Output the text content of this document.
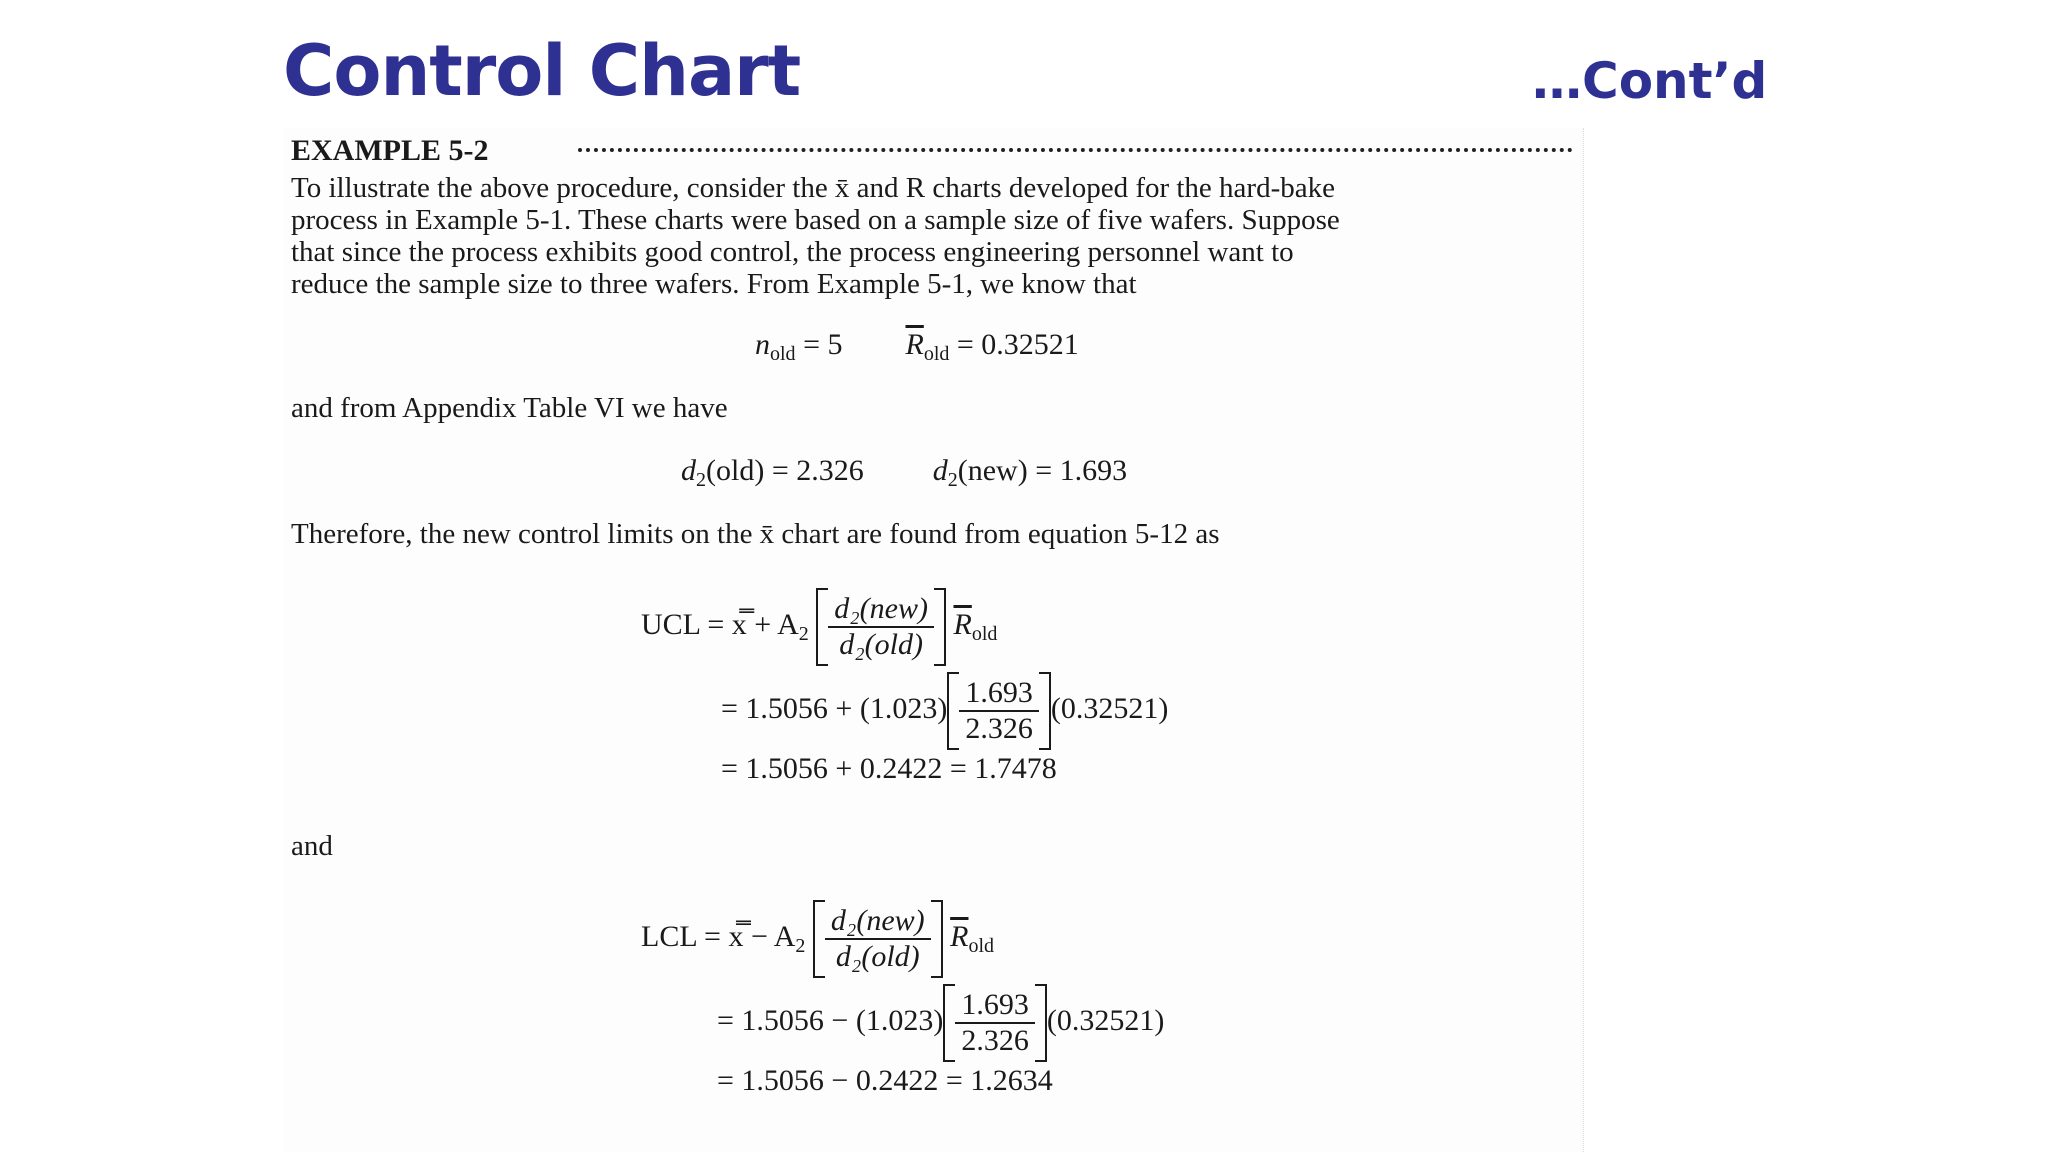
Control Chart	…Cont’d
EXAMPLE 5-2
To illustrate the above procedure, consider the x̄ and R charts developed for the hard-bake
process in Example 5-1. These charts were based on a sample size of five wafers. Suppose
that since the process exhibits good control, the process engineering personnel want to
reduce the sample size to three wafers. From Example 5-1, we know that
$n_{old} = 5$ $\overline{R}_{old} = 0.32521$
and from Appendix Table VI we have
$d_2(old) = 2.326$ $d_2(new) = 1.693$
Therefore, the new control limits on the x̄ chart are found from equation 5-12 as
UCL = x̿ + $A_2 \frac{\text{d₂(new)}}{\text{d₂(old)}} \overline{R}_{old}$
= $1.5056 + (1.023) \frac{1.693}{2.326} (0.32521)$
= 1.5056 + 0.2422 = 1.7478
and
LCL = x̿ − $A_2 \frac{\text{d₂(new)}}{\text{d₂(old)}} \overline{R}_{old}$
= $1.5056 - (1.023) \frac{1.693}{2.326} (0.32521)$
= 1.5056 − 0.2422 = 1.2634
